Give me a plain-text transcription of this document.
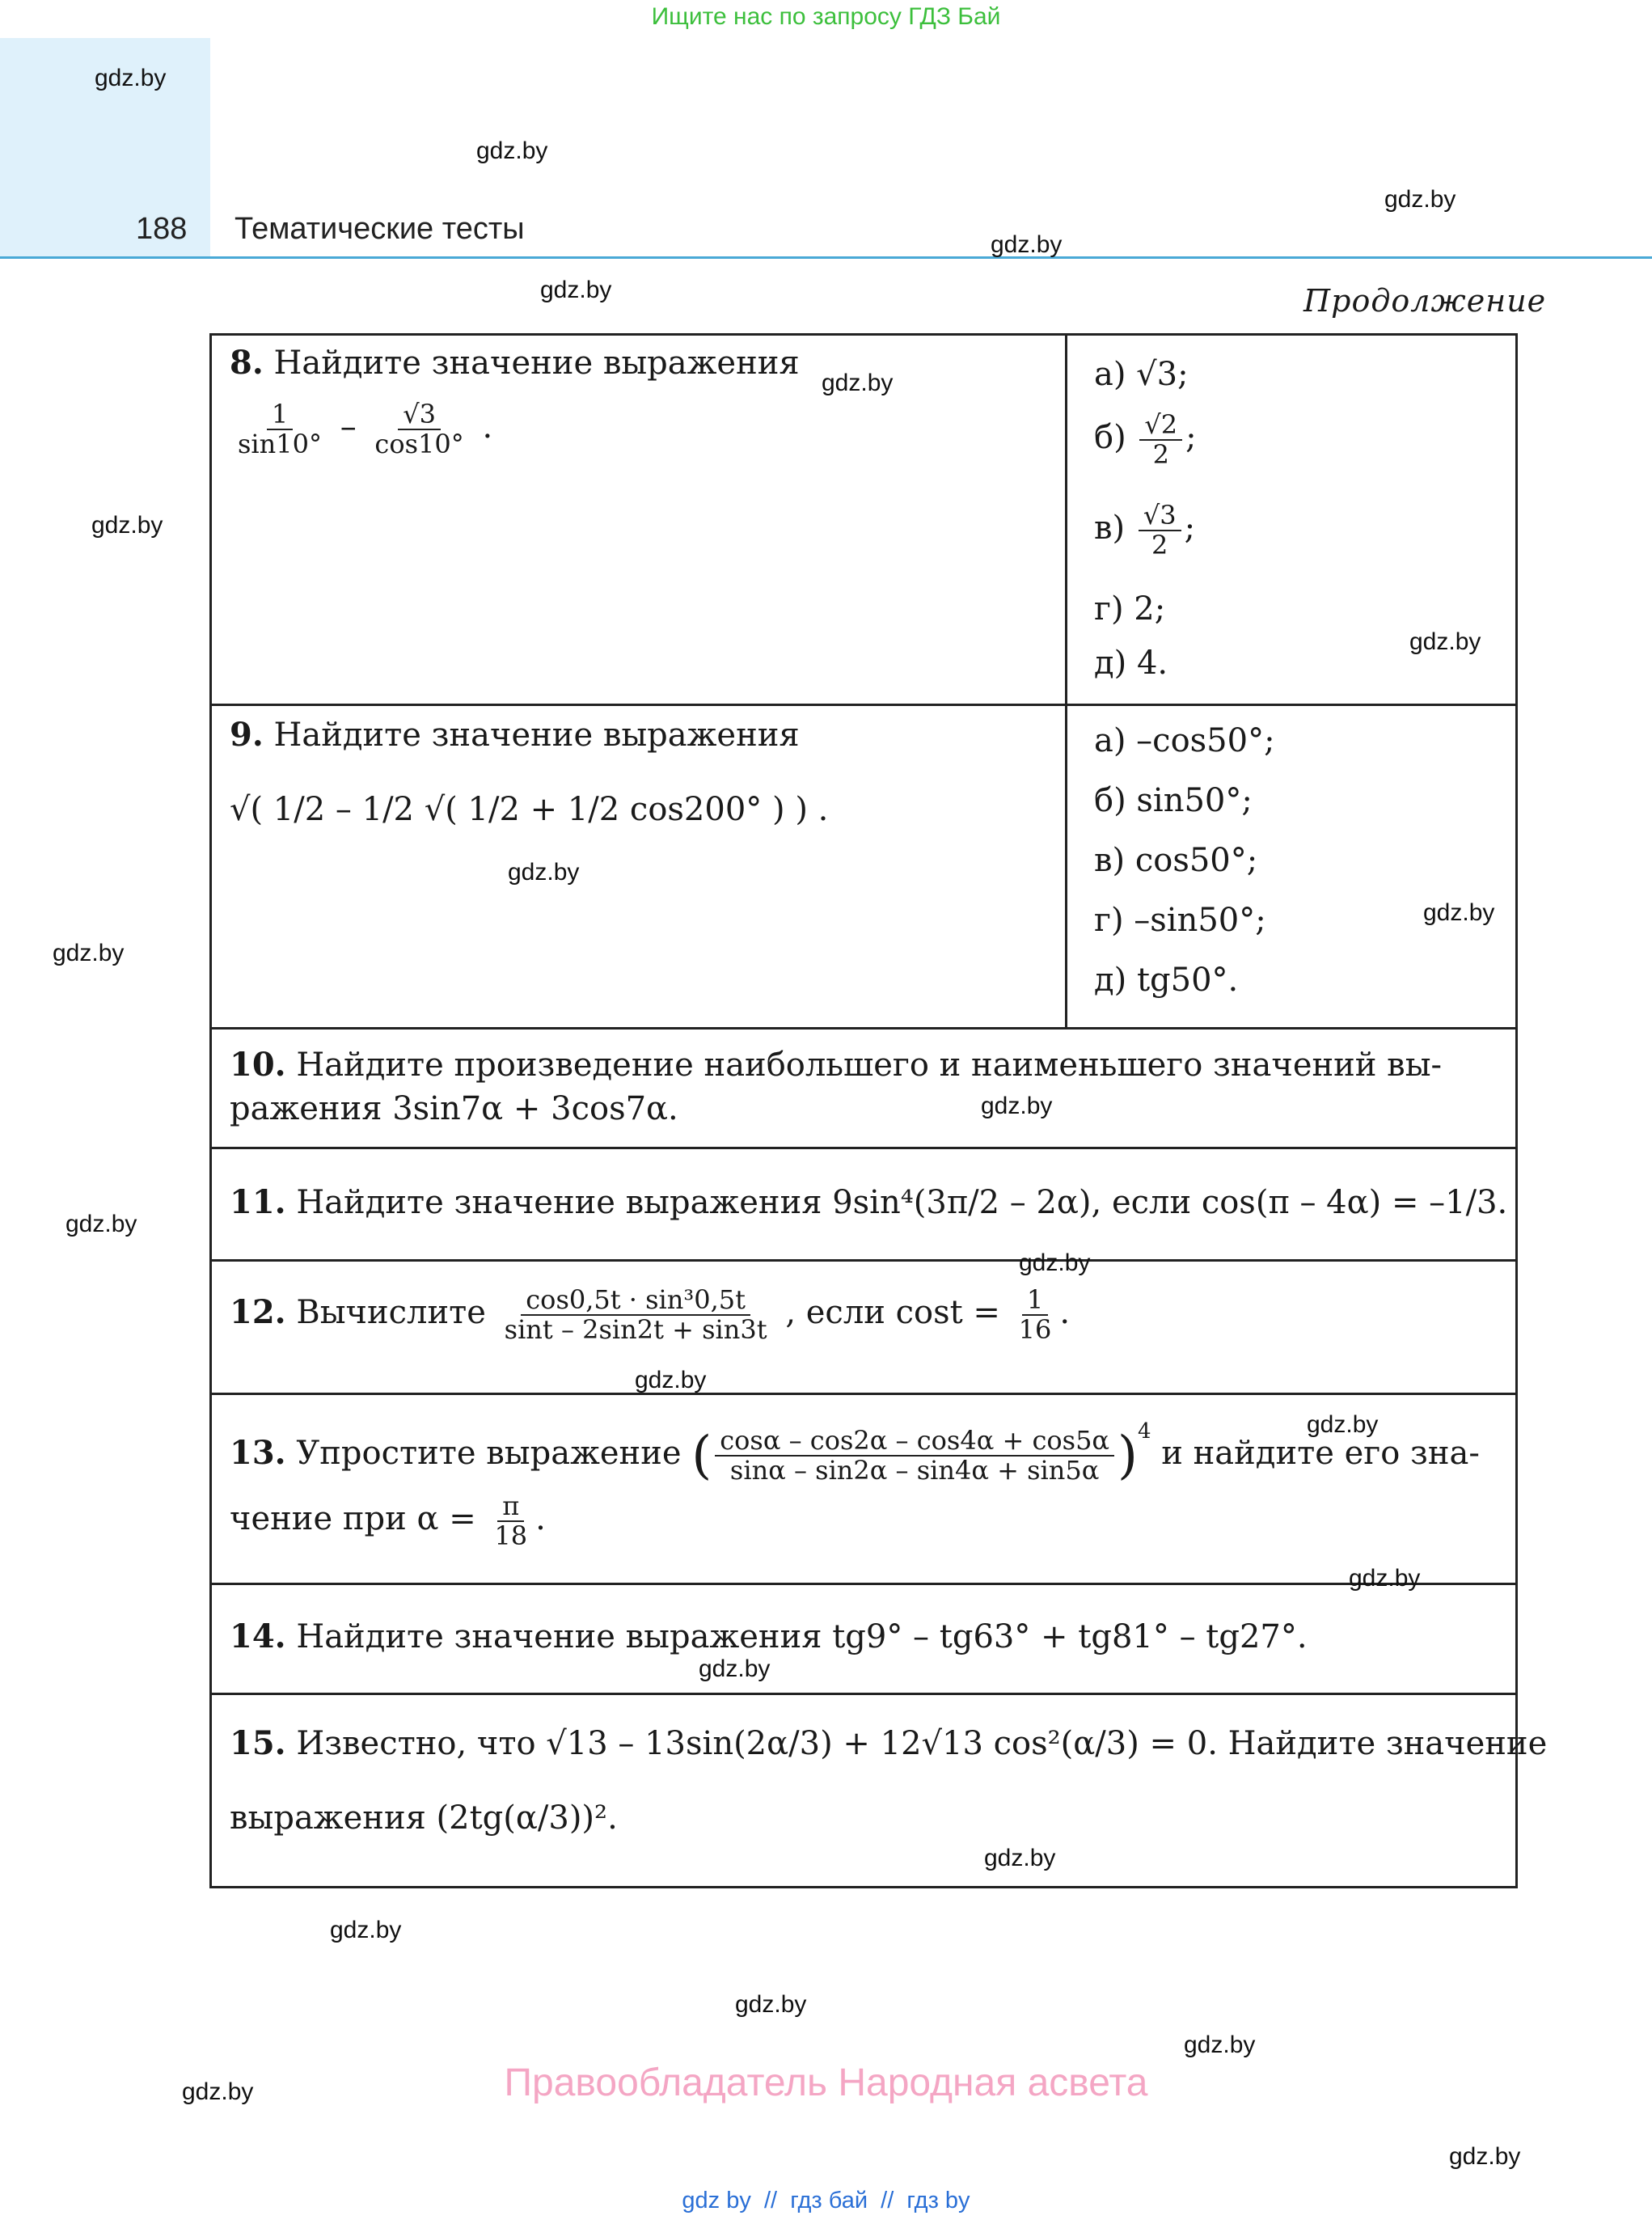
Ищите нас по запросу ГДЗ Бай
188 Тематические тесты
Продолжение
8. Найдите значение выражения
$\frac{1}{\sin 10^\circ} - \frac{√3}{\cos 10^\circ}$ .
а) √3;
$б) \frac{√2}{2}$ ;
$в) \frac{√3}{2}$ ;
г) 2;
д) 4.
9. Найдите значение выражения
√( 1/2 – 1/2 √( 1/2 + 1/2 cos200° ) ) .
а) –cos50°;
б) sin50°;
в) cos50°;
г) –sin50°;
д) tg50°.
10. Найдите произведение наибольшего и наименьшего значений вы-
ражения 3sin7α + 3cos7α.
11. Найдите значение выражения 9sin⁴(3π/2 – 2α), если cos(π – 4α) = –1/3.
12. Вычислите $\frac{\text{cos0,5t · sin³0,5t}}{\sin t - 2\sin 2t + \sin 3t}$ , если $\cos t = \frac{1}{16}$ .
13. Упростите выражение ( $\frac{\cos\alpha - \cos 2\alpha - \cos 4\alpha + \cos 5\alpha}{\sin\alpha - \sin 2\alpha - \sin 4\alpha + \sin 5\alpha} )^4$ и найдите его зна-
чение при $\alpha = \frac{\pi}{18}$ .
14. Найдите значение выражения tg9° – tg63° + tg81° – tg27°.
15. Известно, что √13 – 13sin(2α/3) + 12√13 cos²(α/3) = 0. Найдите значение
выражения (2tg(α/3))².
gdz.by
gdz.by
gdz.by
gdz.by
gdz.by
gdz.by
gdz.by
gdz.by
gdz.by
gdz.by
gdz.by
gdz.by
gdz.by
gdz.by
gdz.by
gdz.by
gdz.by
gdz.by
gdz.by
gdz.by
gdz.by
gdz.by
gdz.by
gdz.by
Правообладатель Народная асвета
gdz by  //  гдз бай  //  гдз by
